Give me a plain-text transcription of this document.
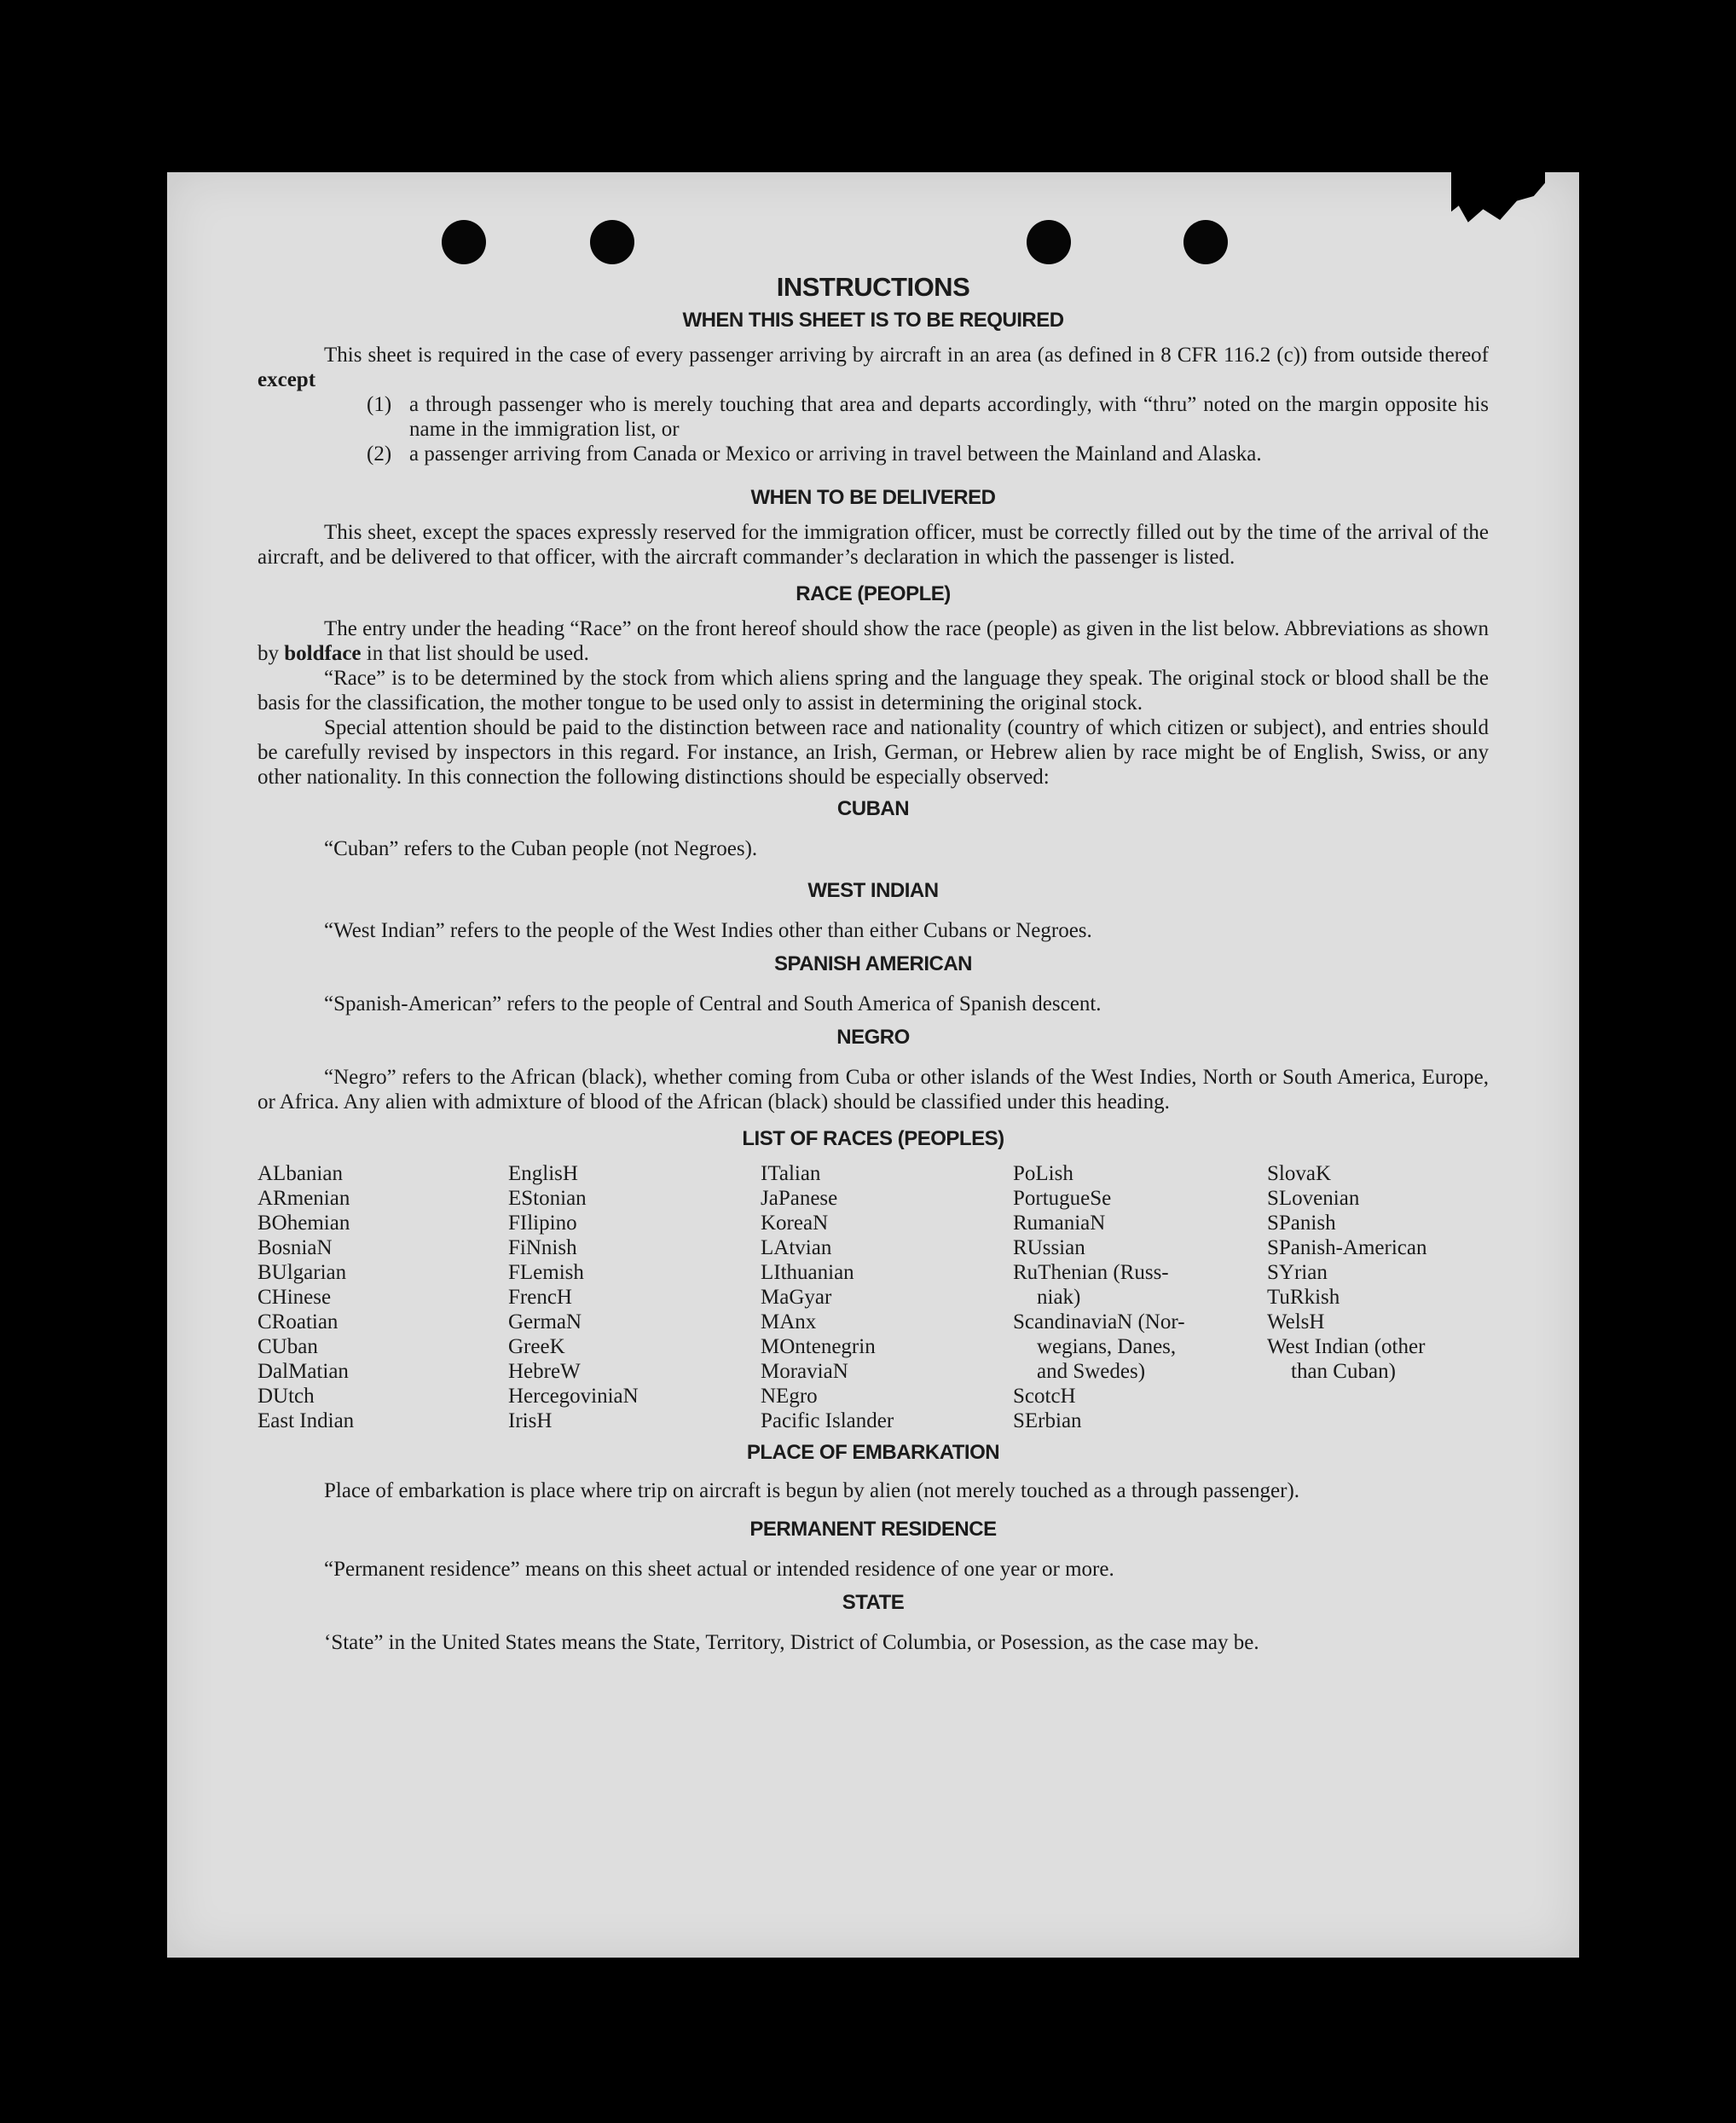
INSTRUCTIONS
WHEN THIS SHEET IS TO BE REQUIRED

This sheet is required in the case of every passenger arriving by aircraft in an area (as defined in 8 CFR 116.2 (c)) from outside thereof except

(1) a through passenger who is merely touching that area and departs accordingly, with “thru” noted on the margin opposite his name in the immigration list, or
(2) a passenger arriving from Canada or Mexico or arriving in travel between the Mainland and Alaska.
WHEN TO BE DELIVERED

This sheet, except the spaces expressly reserved for the immigration officer, must be correctly filled out by the time of the arrival of the aircraft, and be delivered to that officer, with the aircraft commander’s declaration in which the passenger is listed.

RACE (PEOPLE)

The entry under the heading “Race” on the front hereof should show the race (people) as given in the list below. Abbreviations as shown by boldface in that list should be used.

“Race” is to be determined by the stock from which aliens spring and the language they speak. The original stock or blood shall be the basis for the classification, the mother tongue to be used only to assist in determining the original stock.

Special attention should be paid to the distinction between race and nationality (country of which citizen or subject), and entries should be carefully revised by inspectors in this regard. For instance, an Irish, German, or Hebrew alien by race might be of English, Swiss, or any other nationality. In this connection the following distinctions should be especially observed:

CUBAN

“Cuban” refers to the Cuban people (not Negroes).

WEST INDIAN

“West Indian” refers to the people of the West Indies other than either Cubans or Negroes.

SPANISH AMERICAN

“Spanish-American” refers to the people of Central and South America of Spanish descent.

NEGRO

“Negro” refers to the African (black), whether coming from Cuba or other islands of the West Indies, North or South America, Europe, or Africa. Any alien with admixture of blood of the African (black) should be classified under this heading.

LIST OF RACES (PEOPLES)
ALbanian
ARmenian
BOhemian
BosniaN
BUlgarian
CHinese
CRoatian
CUban
DalMatian
DUtch
East Indian
EnglisH
EStonian
FIlipino
FiNnish
FLemish
FrencH
GermaN
GreeK
HebreW
HercegoviniaN
IrisH
ITalian
JaPanese
KoreaN
LAtvian
LIthuanian
MaGyar
MAnx
MOntenegrin
MoraviaN
NEgro
Pacific Islander
PoLish
PortugueSe
RumaniaN
RUssian
RuThenian (Russ-
niak)
ScandinaviaN (Nor-
wegians, Danes,
and Swedes)
ScotcH
SErbian
SlovaK
SLovenian
SPanish
SPanish-American
SYrian
TuRkish
WelsH
West Indian (other
than Cuban)
PLACE OF EMBARKATION

Place of embarkation is place where trip on aircraft is begun by alien (not merely touched as a through passenger).

PERMANENT RESIDENCE

“Permanent residence” means on this sheet actual or intended residence of one year or more.

STATE

‘State” in the United States means the State, Territory, District of Columbia, or Posession, as the case may be.
